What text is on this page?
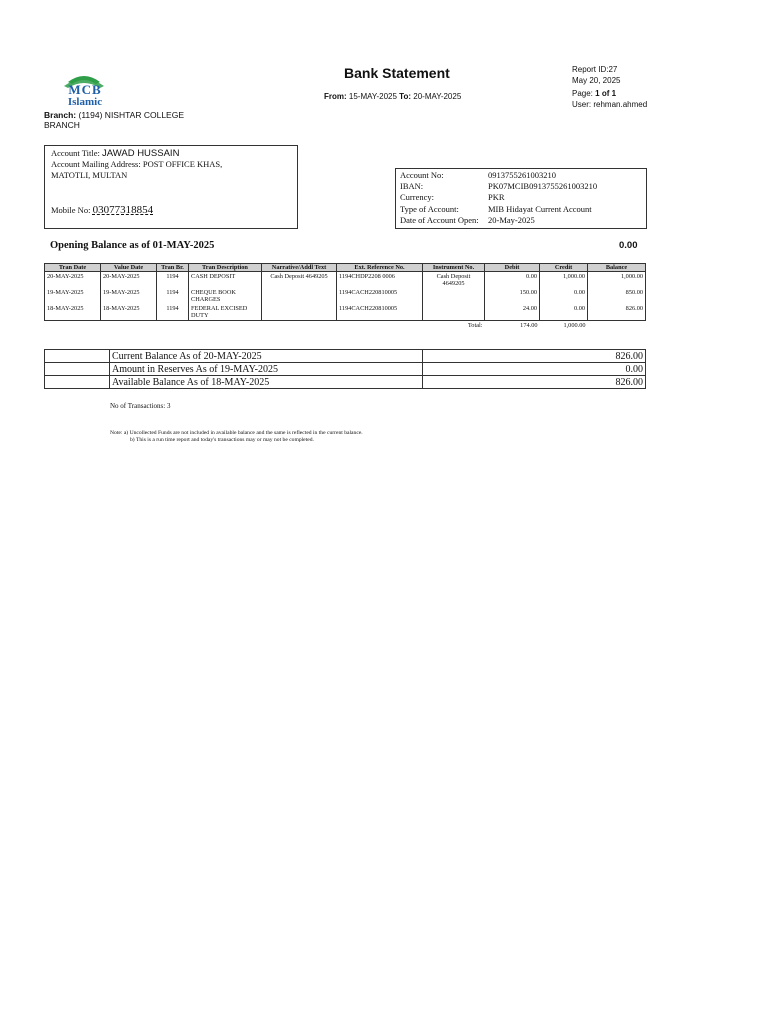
MCB
Islamic
Branch: (1194) NISHTAR COLLEGE BRANCH
Bank Statement
From: 15-MAY-2025 To: 20-MAY-2025
Report ID:27
May 20, 2025
Page: 1 of 1
User: rehman.ahmed
Account Title: JAWAD HUSSAIN
Account Mailing Address: POST OFFICE KHAS,
MATOTLI, MULTAN
Mobile No: 03077318854
Account No:	0913755261003210
IBAN:	PK07MCIB0913755261003210
Currency:	PKR
Type of Account:	MIB Hidayat Current Account
Date of Account Open: 20-May-2025
Opening Balance as of 01-MAY-2025	0.00
Tran Date	Value Date	Tran Br.	Tran Description	Narrative/Addl Text	Ext. Reference No.	Instrument No.	Debit	Credit	Balance
20-MAY-2025	20-MAY-2025	1194	CASH DEPOSIT	Cash Deposit 4649205	1194CHDP2208 0006	Cash Deposit 4649205	0.00	1,000.00	1,000.00
19-MAY-2025	19-MAY-2025	1194	CHEQUE BOOK CHARGES		1194CACH220810005		150.00	0.00	850.00
18-MAY-2025	18-MAY-2025	1194	FEDERAL EXCISED DUTY		1194CACH220810005		24.00	0.00	826.00
						Total:	174.00	1,000.00	
	Current Balance As of 20-MAY-2025	826.00
	Amount in Reserves As of 19-MAY-2025	0.00
	Available Balance As of 18-MAY-2025	826.00
No of Transactions: 3
Note: a) Uncollected Funds are not included in available balance and the same is reflected in the current balance.
b) This is a run time report and today's transactions may or may not be completed.
